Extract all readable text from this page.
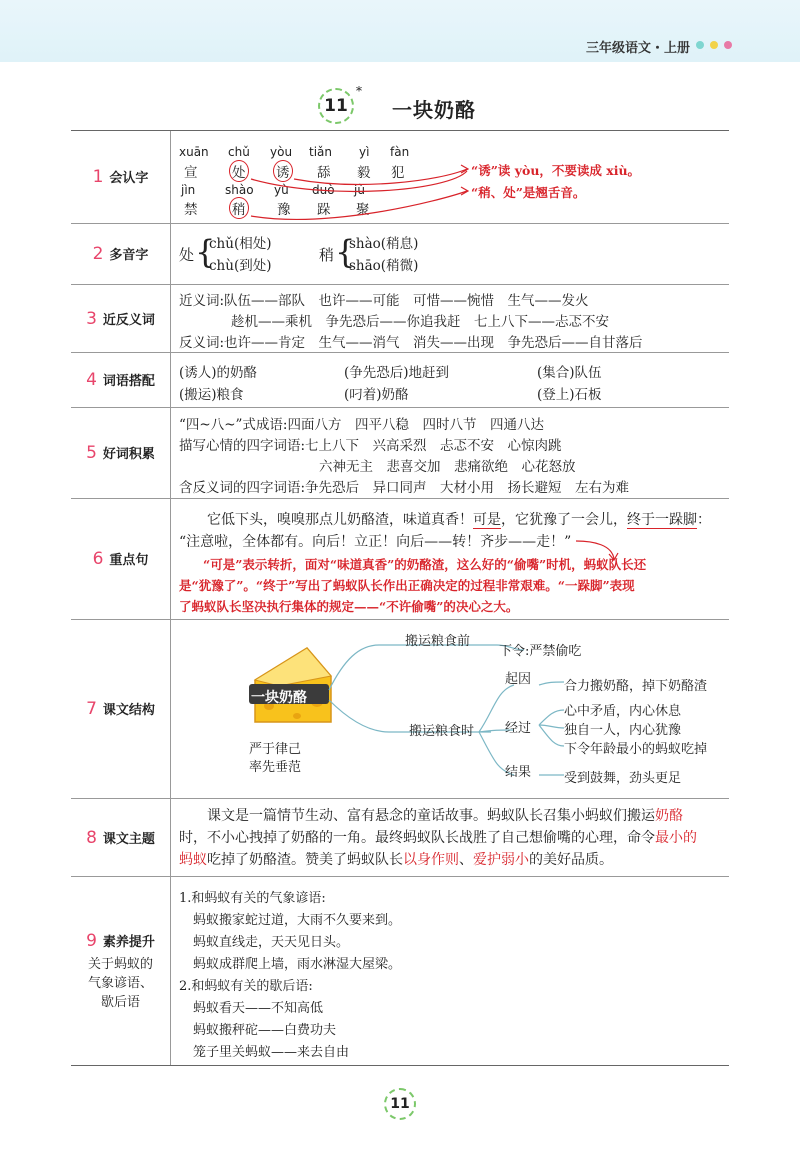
三年级语文・上册
11
*
一块奶酪
1 会认字
xuān chǔ yòu tiǎn yì fàn
宣	处 诱 舔 毅 犯
jìn shào yù duò jù
禁	稍 豫 跺 聚
“诱”读 yòu，不要读成 xiù。
“稍、处”是翘舌音。
2 多音字 处 {
chǔ(相处)
chù(到处)
稍 {
shào(稍息)
shāo(稍微)
3 近反义词
近义词:队伍——部队　也许——可能　可惜——惋惜　生气——发火
趁机——乘机　争先恐后——你追我赶　七上八下——忐忑不安
反义词:也许——肯定　生气——消气　消失——出现　争先恐后——自甘落后
4 词语搭配
(诱人)的奶酪	(争先恐后)地赶到	(集合)队伍
(搬运)粮食	(叼着)奶酪	(登上)石板
5 好词积累
“四~八~”式成语:四面八方　四平八稳　四时八节　四通八达
描写心情的四字词语:七上八下　兴高采烈　忐忑不安　心惊肉跳
六神无主　悲喜交加　悲痛欲绝　心花怒放
含反义词的四字词语:争先恐后　异口同声　大材小用　扬长避短　左右为难
6 重点句
它低下头，嗅嗅那点儿奶酪渣，味道真香！可是，它犹豫了一会儿，终于一跺脚：
“注意啦，全体都有。向后！立正！向后——转！齐步——走！”
“可是”表示转折，面对“味道真香”的奶酪渣，这么好的“偷嘴”时机，蚂蚁队长还
是“犹豫了”。“终于”写出了蚂蚁队长作出正确决定的过程非常艰难。“一跺脚”表现
了蚂蚁队长坚决执行集体的规定——“不许偷嘴”的决心之大。
7 课文结构
一块奶酪
严于律己
率先垂范
搬运粮食前
下令:严禁偷吃
搬运粮食时
起因	合力搬奶酪，掉下奶酪渣
经过
心中矛盾，内心休息
独自一人，内心犹豫
下令年龄最小的蚂蚁吃掉
结果	受到鼓舞，劲头更足
8 课文主题
课文是一篇情节生动、富有悬念的童话故事。蚂蚁队长召集小蚂蚁们搬运奶酪
时，不小心拽掉了奶酪的一角。最终蚂蚁队长战胜了自己想偷嘴的心理，命令最小的
蚂蚁吃掉了奶酪渣。赞美了蚂蚁队长以身作则、爱护弱小的美好品质。
9 素养提升
关于蚂蚁的
气象谚语、
歇后语
1.和蚂蚁有关的气象谚语:
蚂蚁搬家蛇过道，大雨不久要来到。
蚂蚁直线走，天天见日头。
蚂蚁成群爬上墙，雨水淋湿大屋梁。
2.和蚂蚁有关的歇后语:
蚂蚁看天——不知高低
蚂蚁搬秤砣——白费功夫
笼子里关蚂蚁——来去自由
11
